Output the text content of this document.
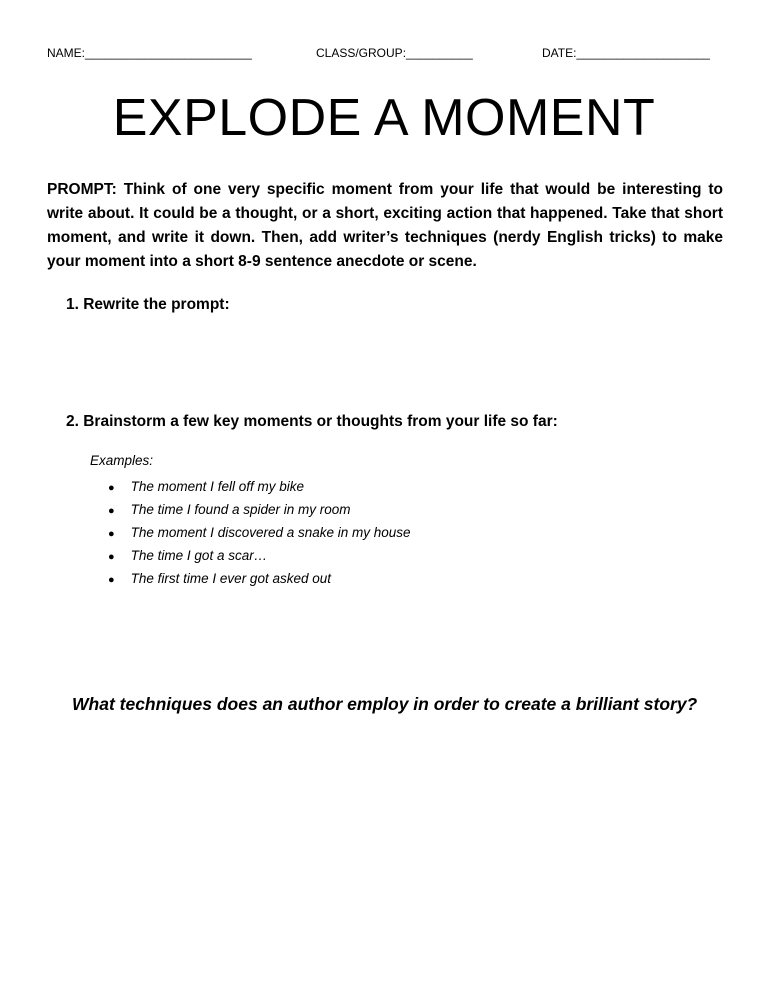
NAME:_________________________	CLASS/GROUP:__________	DATE:____________________
EXPLODE A MOMENT
PROMPT: Think of one very specific moment from your life that would be interesting to write about. It could be a thought, or a short, exciting action that happened. Take that short moment, and write it down. Then, add writer’s techniques (nerdy English tricks) to make your moment into a short 8-9 sentence anecdote or scene.
1. Rewrite the prompt:
2. Brainstorm a few key moments or thoughts from your life so far:
Examples:
● The moment I fell off my bike
● The time I found a spider in my room
● The moment I discovered a snake in my house
● The time I got a scar…
● The first time I ever got asked out
What techniques does an author employ in order to create a brilliant story?
